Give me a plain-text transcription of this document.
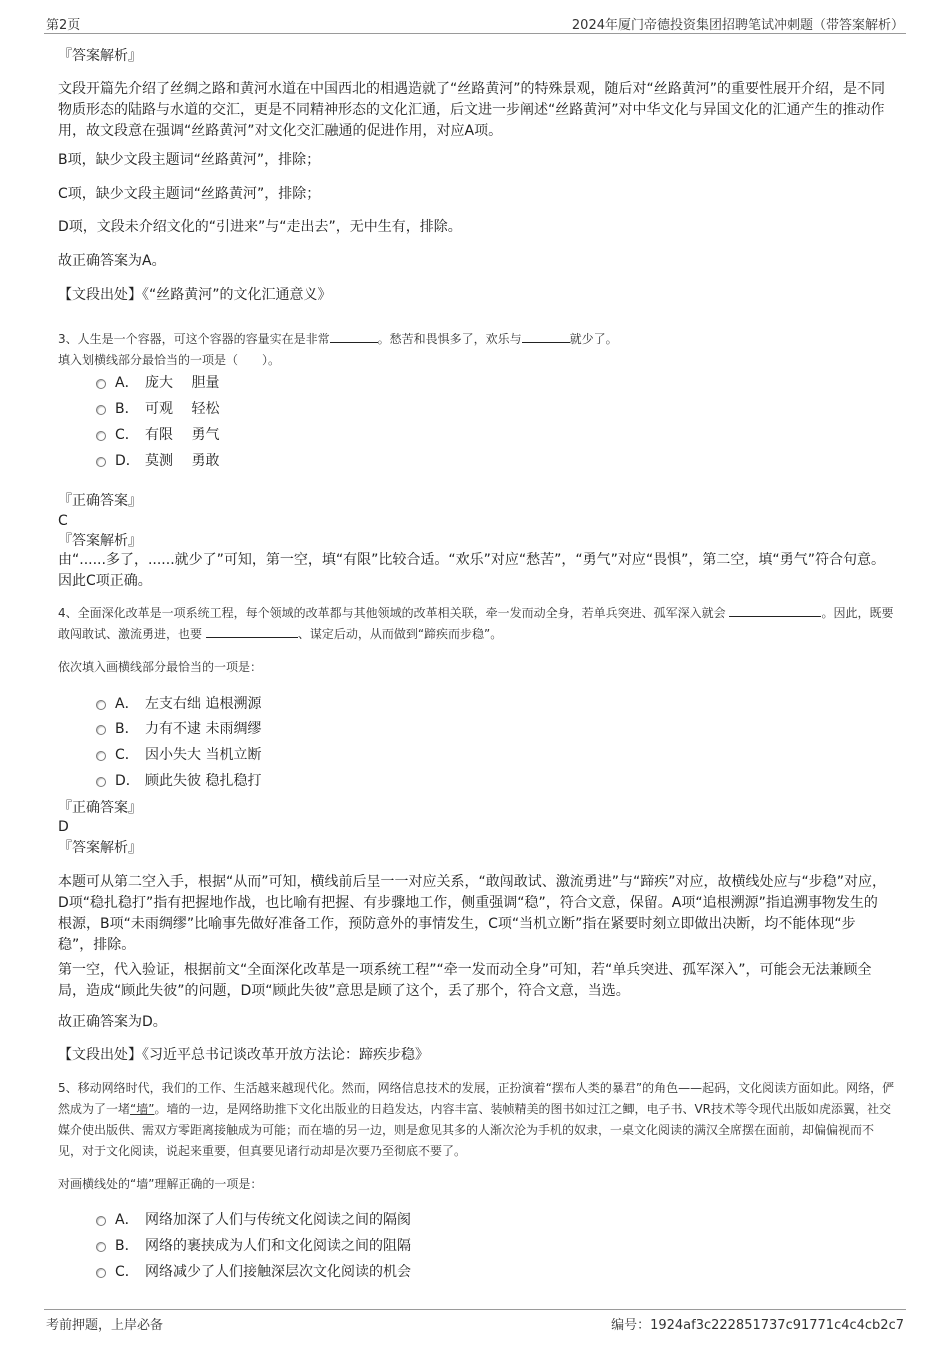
第2页	2024年厦门帝德投资集团招聘笔试冲刺题（带答案解析）
『答案解析』
文段开篇先介绍了丝绸之路和黄河水道在中国西北的相遇造就了“丝路黄河”的特殊景观，随后对“丝路黄河”的重要性展开介绍，是不同物质形态的陆路与水道的交汇，更是不同精神形态的文化汇通，后文进一步阐述“丝路黄河”对中华文化与异国文化的汇通产生的推动作用，故文段意在强调“丝路黄河”对文化交汇融通的促进作用，对应A项。
B项，缺少文段主题词“丝路黄河”，排除；
C项，缺少文段主题词“丝路黄河”，排除；
D项，文段未介绍文化的“引进来”与“走出去”，无中生有，排除。
故正确答案为A。
【文段出处】《“丝路黄河”的文化汇通意义》
3、人生是一个容器，可这个容器的容量实在是非常	。愁苦和畏惧多了，欢乐与	就少了。
填入划横线部分最恰当的一项是（　　）。
A． 庞大　 胆量
B． 可观　 轻松
C． 有限　 勇气
D． 莫测　 勇敢
『正确答案』
C
『答案解析』
由“......多了，......就少了”可知，第一空，填“有限”比较合适。“欢乐”对应“愁苦”，“勇气”对应“畏惧”，第二空，填“勇气”符合句意。因此C项正确。
4、全面深化改革是一项系统工程，每个领域的改革都与其他领域的改革相关联，牵一发而动全身，若单兵突进、孤军深入就会	。因此，既要敢闯敢试、激流勇进，也要	、谋定后动，从而做到“蹄疾而步稳”。
依次填入画横线部分最恰当的一项是：
A． 左支右绌 追根溯源
B． 力有不逮 未雨绸缪
C． 因小失大 当机立断
D． 顾此失彼 稳扎稳打
『正确答案』
D
『答案解析』
本题可从第二空入手，根据“从而”可知，横线前后呈一一对应关系，“敢闯敢试、激流勇进”与“蹄疾”对应，故横线处应与“步稳”对应，D项“稳扎稳打”指有把握地作战，也比喻有把握、有步骤地工作，侧重强调“稳”，符合文意，保留。A项“追根溯源”指追溯事物发生的根源，B项“未雨绸缪”比喻事先做好准备工作，预防意外的事情发生，C项“当机立断”指在紧要时刻立即做出决断，均不能体现“步稳”，排除。
第一空，代入验证，根据前文“全面深化改革是一项系统工程”“牵一发而动全身”可知，若“单兵突进、孤军深入”，可能会无法兼顾全局，造成“顾此失彼”的问题，D项“顾此失彼”意思是顾了这个，丢了那个，符合文意，当选。
故正确答案为D。
【文段出处】《习近平总书记谈改革开放方法论：蹄疾步稳》
5、移动网络时代，我们的工作、生活越来越现代化。然而，网络信息技术的发展，正扮演着“摆布人类的暴君”的角色——起码，文化阅读方面如此。网络，俨然成为了一堵“墙”。墙的一边，是网络助推下文化出版业的日趋发达，内容丰富、装帧精美的图书如过江之鲫，电子书、VR技术等令现代出版如虎添翼，社交媒介使出版供、需双方零距离接触成为可能；而在墙的另一边，则是愈见其多的人渐次沦为手机的奴隶，一桌文化阅读的满汉全席摆在面前，却偏偏视而不见，对于文化阅读，说起来重要，但真要见诸行动却是次要乃至彻底不要了。
对画横线处的“墙”理解正确的一项是：
A． 网络加深了人们与传统文化阅读之间的隔阂
B． 网络的裹挟成为人们和文化阅读之间的阻隔
C． 网络减少了人们接触深层次文化阅读的机会
考前押题，上岸必备	编号：1924af3c222851737c91771c4c4cb2c7
